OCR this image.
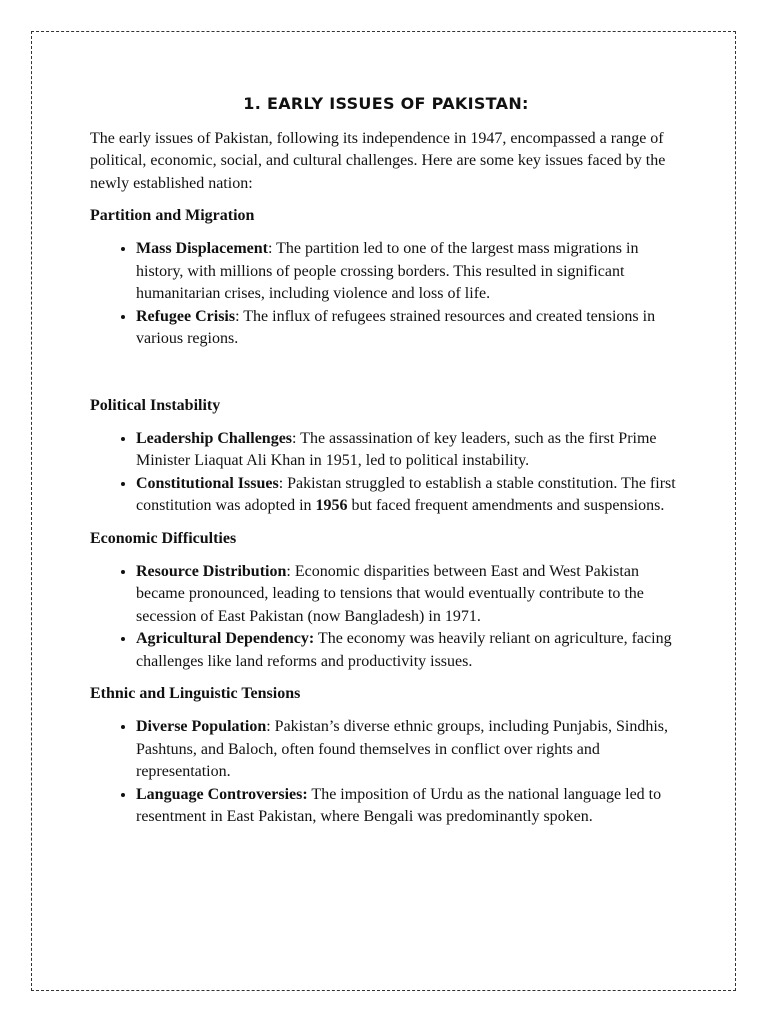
1. EARLY ISSUES OF PAKISTAN:

The early issues of Pakistan, following its independence in 1947, encompassed a range of political, economic, social, and cultural challenges. Here are some key issues faced by the newly established nation:

Partition and Migration
• Mass Displacement: The partition led to one of the largest mass migrations in history, with millions of people crossing borders. This resulted in significant humanitarian crises, including violence and loss of life.
• Refugee Crisis: The influx of refugees strained resources and created tensions in various regions.
Political Instability
• Leadership Challenges: The assassination of key leaders, such as the first Prime Minister Liaquat Ali Khan in 1951, led to political instability.
• Constitutional Issues: Pakistan struggled to establish a stable constitution. The first constitution was adopted in 1956 but faced frequent amendments and suspensions.
Economic Difficulties
• Resource Distribution: Economic disparities between East and West Pakistan became pronounced, leading to tensions that would eventually contribute to the secession of East Pakistan (now Bangladesh) in 1971.
• Agricultural Dependency: The economy was heavily reliant on agriculture, facing challenges like land reforms and productivity issues.
Ethnic and Linguistic Tensions
• Diverse Population: Pakistan’s diverse ethnic groups, including Punjabis, Sindhis, Pashtuns, and Baloch, often found themselves in conflict over rights and representation.
• Language Controversies: The imposition of Urdu as the national language led to resentment in East Pakistan, where Bengali was predominantly spoken.
